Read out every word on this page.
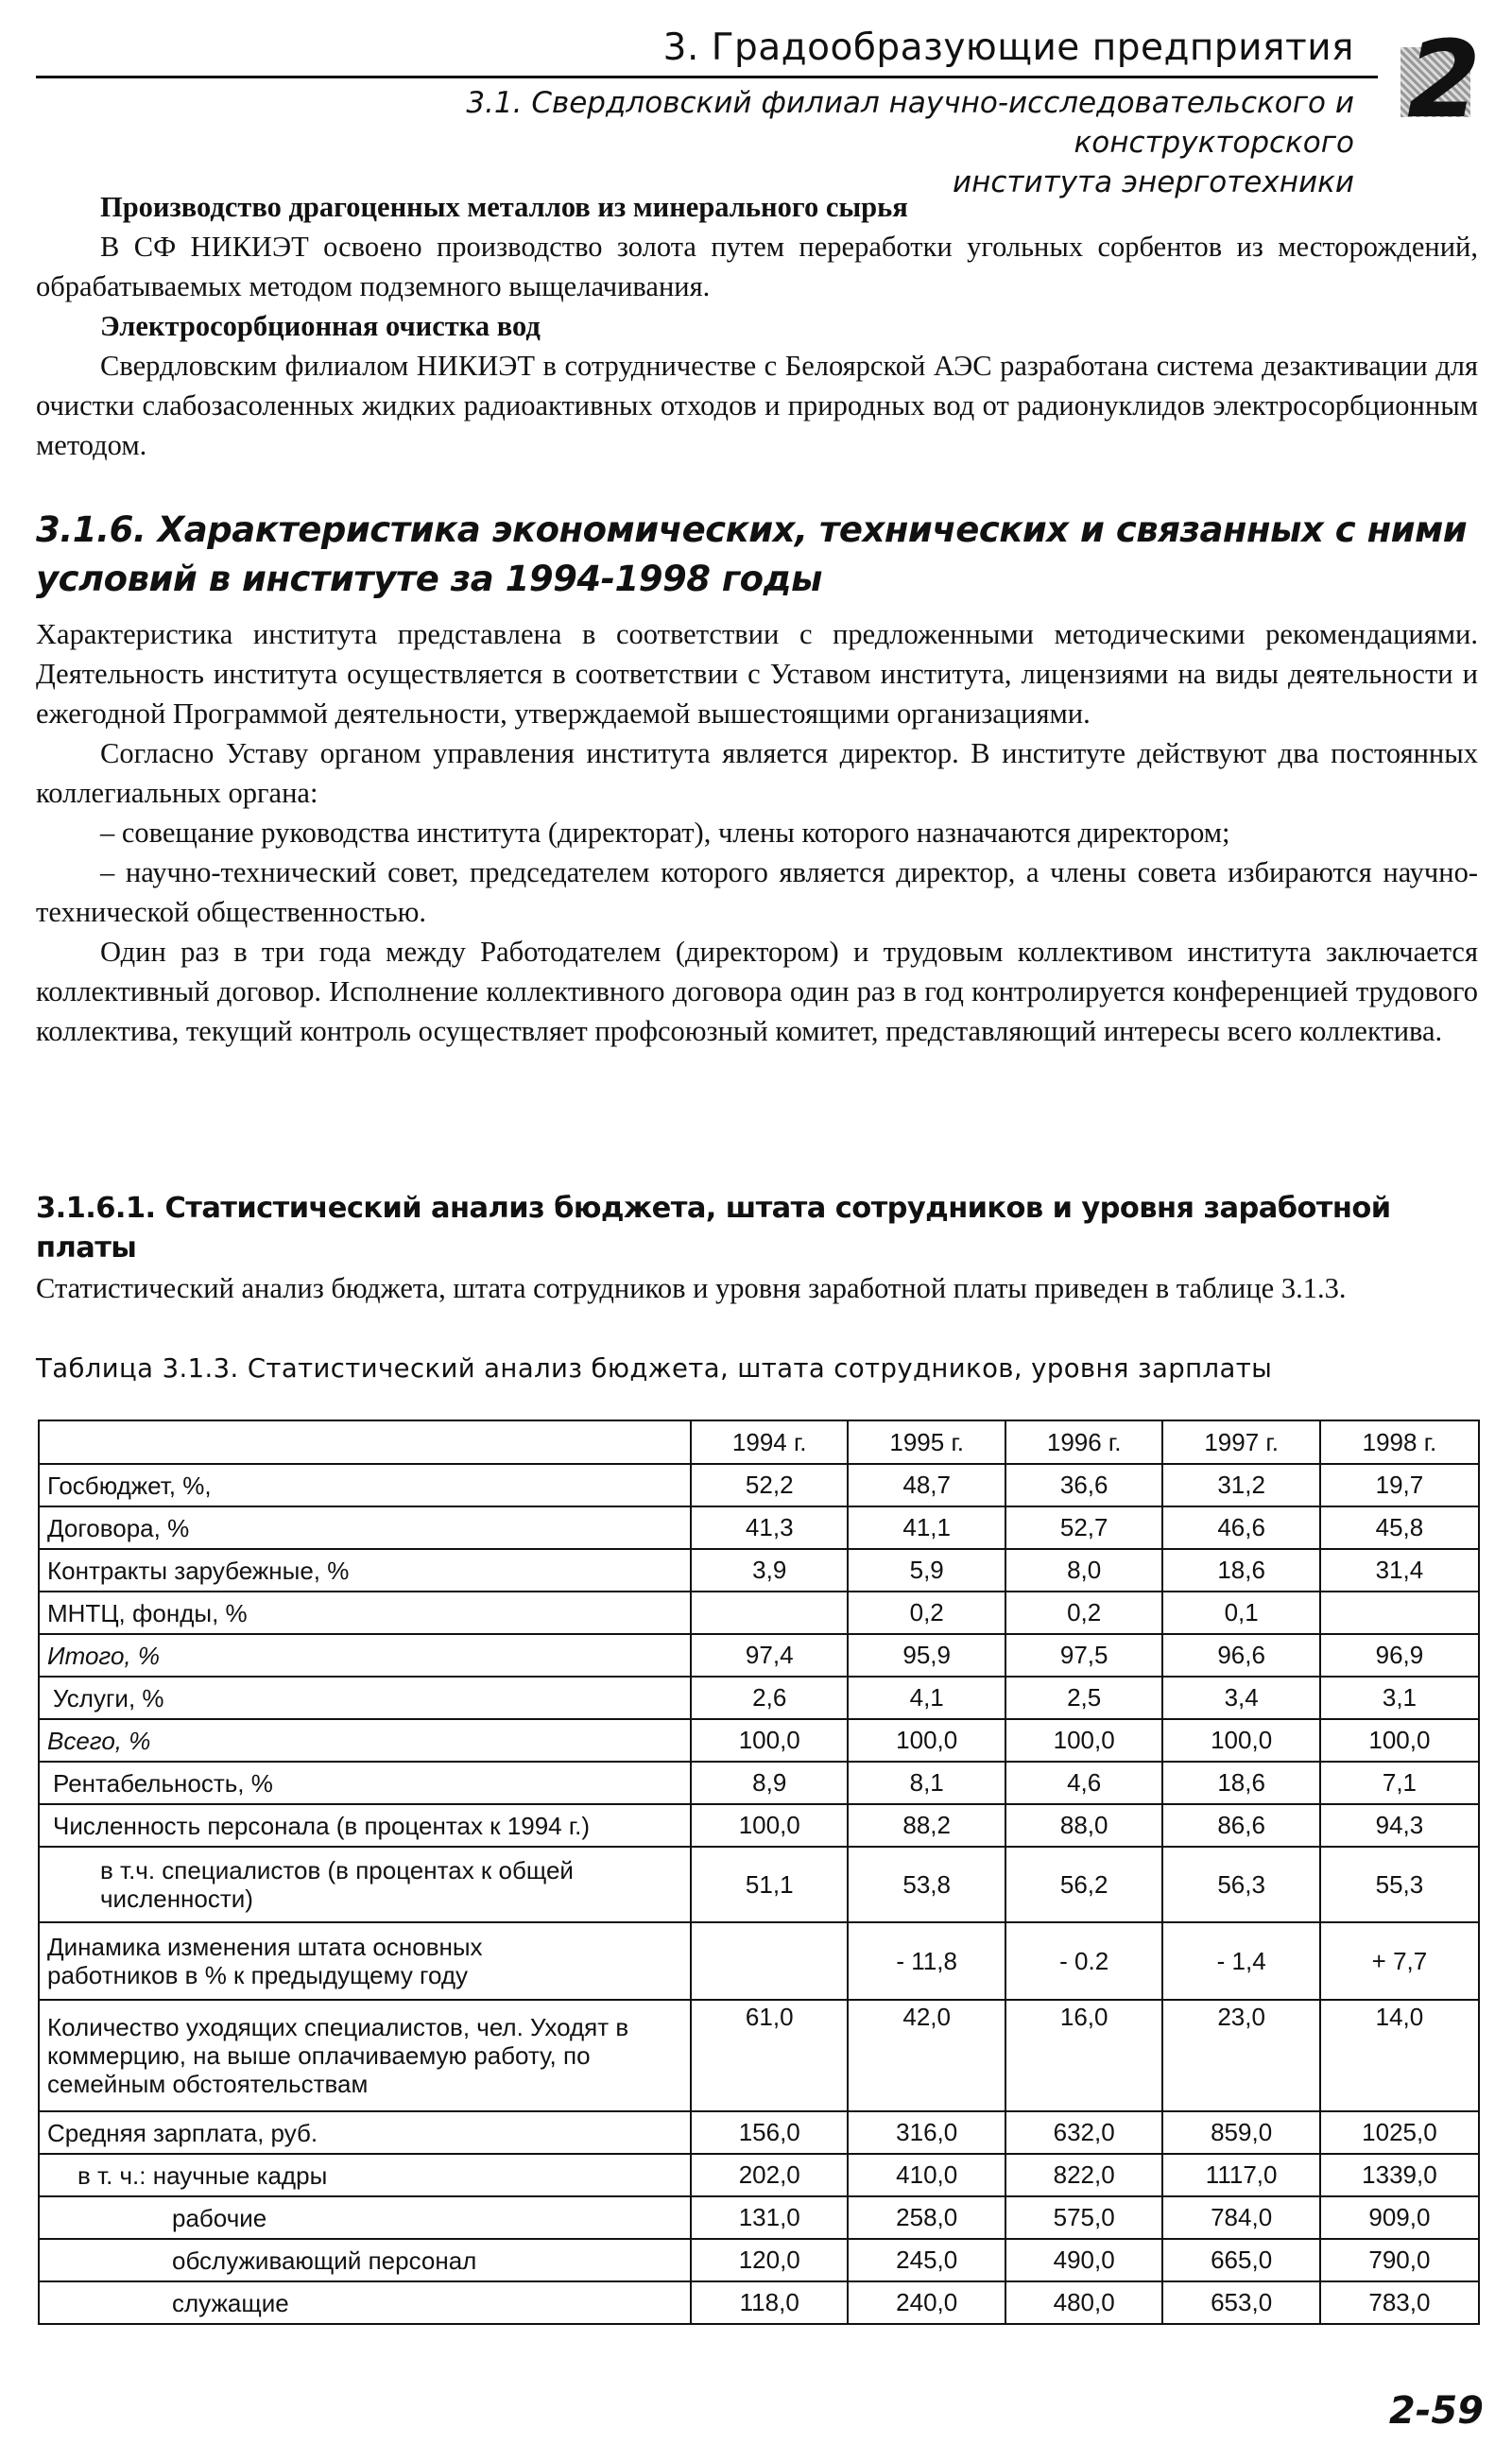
3. Градообразующие предприятия
3.1. Свердловский филиал научно-исследовательского и конструкторского
института энерготехники
2
Производство драгоценных металлов из минерального сырья

В СФ НИКИЭТ освоено производство золота путем переработки угольных сорбентов из месторождений, обрабатываемых методом подземного выщелачивания.

Электросорбционная очистка вод

Свердловским филиалом НИКИЭТ в сотрудничестве с Белоярской АЭС разработана система дезактивации для очистки слабозасоленных жидких радиоактивных отходов и природных вод от радионуклидов электросорбционным методом.

3.1.6. Характеристика экономических, технических и связанных с ними условий в институте за 1994-1998 годы

Характеристика института представлена в соответствии с предложенными методическими рекомендациями. Деятельность института осуществляется в соответствии с Уставом института, лицензиями на виды деятельности и ежегодной Программой деятельности, утверждаемой вышестоящими организациями.

Согласно Уставу органом управления института является директор. В институте действуют два постоянных коллегиальных органа:

– совещание руководства института (директорат), члены которого назначаются директором;

– научно-технический совет, председателем которого является директор, а члены совета избираются научно-технической общественностью.

Один раз в три года между Работодателем (директором) и трудовым коллективом института заключается коллективный договор. Исполнение коллективного договора один раз в год контролируется конференцией трудового коллектива, текущий контроль осуществляет профсоюзный комитет, представляющий интересы всего коллектива.

3.1.6.1. Статистический анализ бюджета, штата сотрудников и уровня заработной платы
Статистический анализ бюджета, штата сотрудников и уровня заработной платы приведен в таблице 3.1.3.
Таблица 3.1.3. Статистический анализ бюджета, штата сотрудников, уровня зарплаты
	1994 г.	1995 г.	1996 г.	1997 г.	1998 г.
Госбюджет, %,	52,2	48,7	36,6	31,2	19,7
Договора, %	41,3	41,1	52,7	46,6	45,8
Контракты зарубежные, %	3,9	5,9	8,0	18,6	31,4
МНТЦ, фонды, %		0,2	0,2	0,1	
Итого, %	97,4	95,9	97,5	96,6	96,9
Услуги, %	2,6	4,1	2,5	3,4	3,1
Всего, %	100,0	100,0	100,0	100,0	100,0
Рентабельность, %	8,9	8,1	4,6	18,6	7,1
Численность персонала (в процентах к 1994 г.)	100,0	88,2	88,0	86,6	94,3
в т.ч. специалистов (в процентах к общей численности)	51,1	53,8	56,2	56,3	55,3
Динамика изменения штата основных работников в % к предыдущему году		- 11,8	- 0.2	- 1,4	+ 7,7
Количество уходящих специалистов, чел. Уходят в коммерцию, на выше оплачиваемую работу, по семейным обстоятельствам	61,0	42,0	16,0	23,0	14,0
Средняя зарплата, руб.	156,0	316,0	632,0	859,0	1025,0
в т. ч.: научные кадры	202,0	410,0	822,0	1117,0	1339,0
рабочие	131,0	258,0	575,0	784,0	909,0
обслуживающий персонал	120,0	245,0	490,0	665,0	790,0
служащие	118,0	240,0	480,0	653,0	783,0
2-59
